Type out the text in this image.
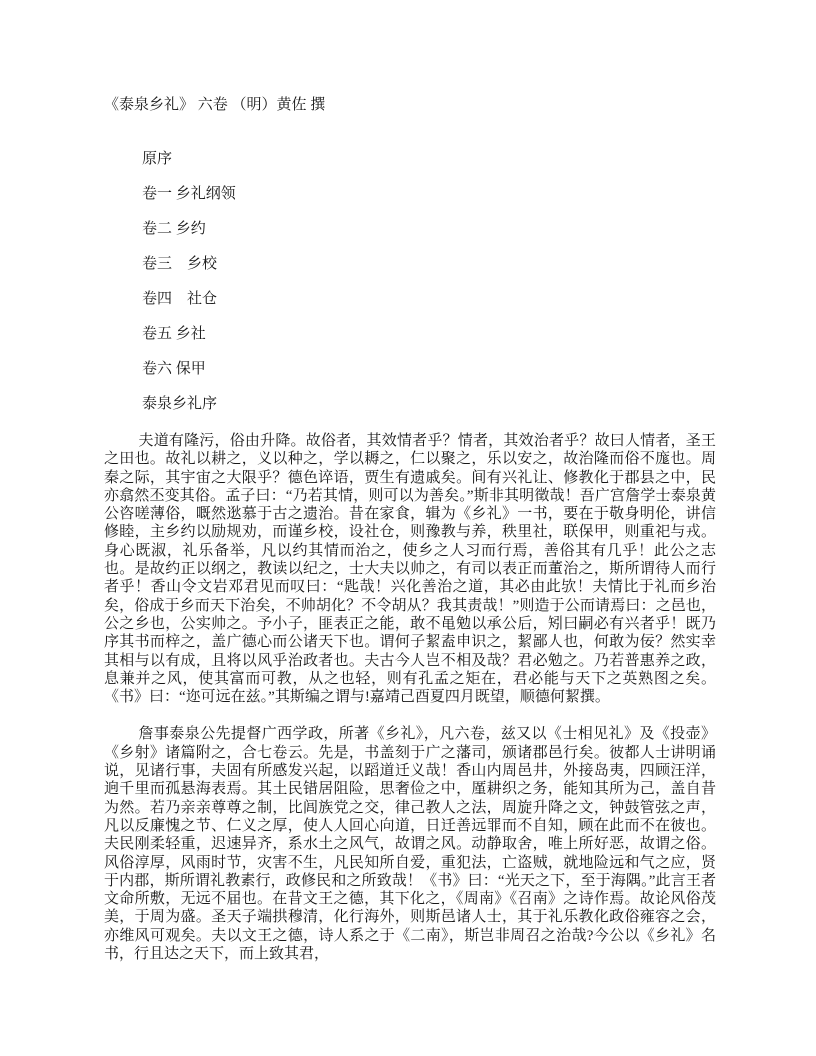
《泰泉乡礼》 六卷 （明）黄佐 撰
原序
卷一 乡礼纲领
卷二 乡约
卷三　乡校
卷四　社仓
卷五 乡社
卷六 保甲
泰泉乡礼序

夫道有隆污，俗由升降。故俗者，其效情者乎？情者，其效治者乎？故曰人情者，圣王之田也。故礼以耕之，义以种之，学以耨之，仁以聚之，乐以安之，故治隆而俗不庬也。周秦之际，其宇宙之大限乎？德色谇语，贾生有遗戚矣。间有兴礼让、修教化于郡县之中，民亦翕然丕变其俗。孟子曰：“乃若其情，则可以为善矣。”斯非其明徵哉！吾广宫詹学士泰泉黄公咨嗟薄俗，嘅然逖慕于古之遗治。昔在家食，辑为《乡礼》一书，要在于敬身明伦，讲信修睦，主乡约以励规劝，而谨乡校，设社仓，则豫教与养，秩里社，联保甲，则重祀与戎。身心既淑，礼乐备举，凡以约其情而治之，使乡之人习而行焉，善俗其有几乎！此公之志也。是故约正以纲之，教读以纪之，士大夫以帅之，有司以表正而董治之，斯所谓待人而行者乎！香山令文岩邓君见而叹曰：“匙哉！兴化善治之道，其必由此欤！夫情比于礼而乡治矣，俗成于乡而天下治矣，不帅胡化？不令胡从？我其责哉！”则造于公而请焉曰：之邑也，公之乡也，公实帅之。予小子，匪表正之能，敢不黾勉以承公后，矧曰嗣必有兴者乎！既乃序其书而梓之，盖广德心而公诸天下也。谓何子絜盍申识之，絜鄙人也，何敢为佞？然实幸其相与以有成，且将以风乎治政者也。夫古今人岂不相及哉？君必勉之。乃若普惠养之政，息兼并之风，使其富而可教，从之也轻，则有孔孟之矩在，君必能与天下之英熟图之矣。《书》曰：“迩可远在兹。”其斯编之谓与!嘉靖己酉夏四月既望，顺德何絜撰。

詹事泰泉公先提督广西学政，所著《乡礼》，凡六卷，兹又以《士相见礼》及《投壶》《乡射》诸篇附之，合七卷云。先是，书盖刻于广之藩司，颁诸郡邑行矣。彼都人士讲明诵说，见诸行事，夫固有所感发兴起，以蹈道迁义哉！香山内周邑井，外接岛夷，四顾汪洋，逈千里而孤悬海表焉。其土民错居阻险，思奢俭之中，厪耕织之务，能知其所为己，盖自昔为然。若乃亲亲尊尊之制，比闾族党之交，律己教人之法，周旋升降之文，钟鼓管弦之声，凡以反廉愧之节、仁义之厚，使人人回心向道，日迁善远罪而不自知，顾在此而不在彼也。夫民刚柔轻重，迟速异齐，系水土之风气，故谓之风。动静取舍，唯上所好恶，故谓之俗。风俗淳厚，风雨时节，灾害不生，凡民知所自爱，重犯法，亡盗贼，就地险远和气之应，贤于内郡，斯所谓礼教素行，政修民和之所致哉！《书》曰：“光天之下，至于海隅。”此言王者文命所敷，无远不届也。在昔文王之德，其下化之，《周南》《召南》之诗作焉。故论风俗茂美，于周为盛。圣天子端拱穆清，化行海外，则斯邑诸人士，其于礼乐教化政俗雍容之会，亦维风可观矣。夫以文王之德，诗人系之于《二南》，斯岂非周召之治哉?今公以《乡礼》名书，行且达之天下，而上致其君，
